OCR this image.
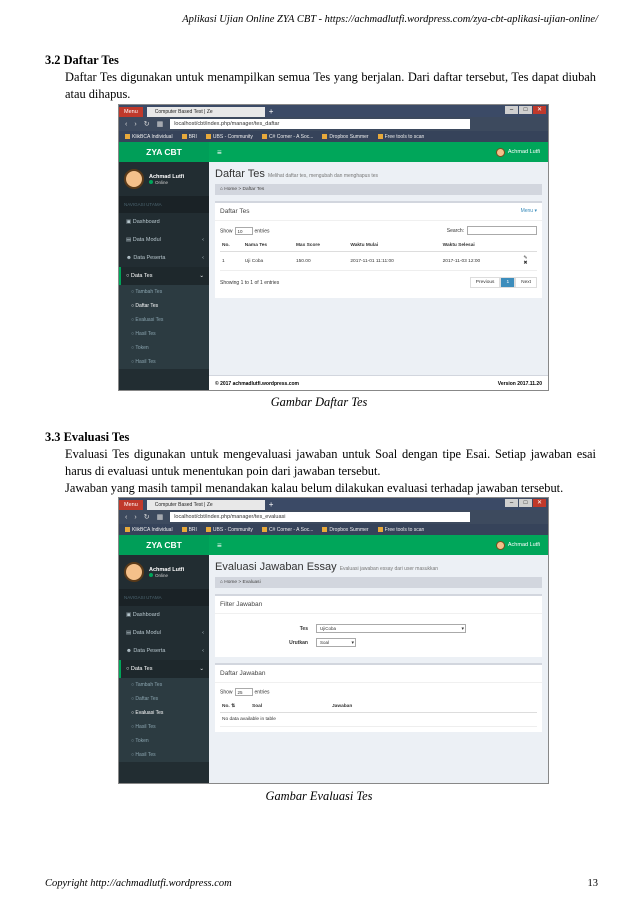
Aplikasi Ujian Online ZYA CBT - https://achmadlutfi.wordpress.com/zya-cbt-aplikasi-ujian-online/
3.2 Daftar Tes

Daftar Tes digunakan untuk menampilkan semua Tes yang berjalan. Dari daftar tersebut, Tes dapat diubah atau dihapus.

Menu	Computer Based Test | Ze	+	–	□	✕
‹ › ↻ ▦	localhost/cbt/index.php/manager/tes_daftar
KlikBCA Individual	BRI	UBS - Community	C# Corner - A Soc...	Dropbox Summer	Free tools to scan
ZYA CBT	≡	Achmad Lutfi
Achmad Lutfi
Online
NAVIGASI UTAMA
▣ Dashboard
▤ Data Modul	‹
☻ Data Peserta	‹
○ Data Tes	⌄
○ Tambah Tes
○ Daftar Tes
○ Evaluasi Tes
○ Hasil Tes
○ Token
○ Hasil Tes
Daftar Tes Melihat daftar tes, mengubah dan menghapus tes
⌂ Home > Daftar Tes
Daftar Tes	Menu ▾
Show 10 entries	Search:
No.	Nama Tes	Max Score	Waktu Mulai	Waktu Selesai	
1	Uji Coba	150.00	2017-11-01 11:11:00	2017-11-03 12:00	✎
✖
Showing 1 to 1 of 1 entries	Previous	1	Next
© 2017 achmadlutfi.wordpress.com	Version 2017.11.20
Gambar Daftar Tes
3.3 Evaluasi Tes

Evaluasi Tes digunakan untuk mengevaluasi jawaban untuk Soal dengan tipe Esai. Setiap jawaban esai harus di evaluasi untuk menentukan poin dari jawaban tersebut.

Jawaban yang masih tampil menandakan kalau belum dilakukan evaluasi terhadap jawaban tersebut.

Menu	Computer Based Test | Ze	+	–	□	✕
‹ › ↻ ▦	localhost/cbt/index.php/manager/tes_evaluasi
KlikBCA Individual	BRI	UBS - Community	C# Corner - A Soc...	Dropbox Summer	Free tools to scan
ZYA CBT	≡	Achmad Lutfi
Achmad Lutfi
Online
NAVIGASI UTAMA
▣ Dashboard
▤ Data Modul	‹
☻ Data Peserta	‹
○ Data Tes	⌄
○ Tambah Tes
○ Daftar Tes
○ Evaluasi Tes
○ Hasil Tes
○ Token
○ Hasil Tes
Evaluasi Jawaban Essay Evaluasi jawaban essay dari user masukkan
⌂ Home > Evaluasi
Filter Jawaban
Tes	UjiCoba ▾
Urutkan	Soal ▾
Daftar Jawaban
Show 25 entries
No. ⇅	Soal	Jawaban
No data available in table
Gambar Evaluasi Tes
Copyright http://achmadlutfi.wordpress.com	13
